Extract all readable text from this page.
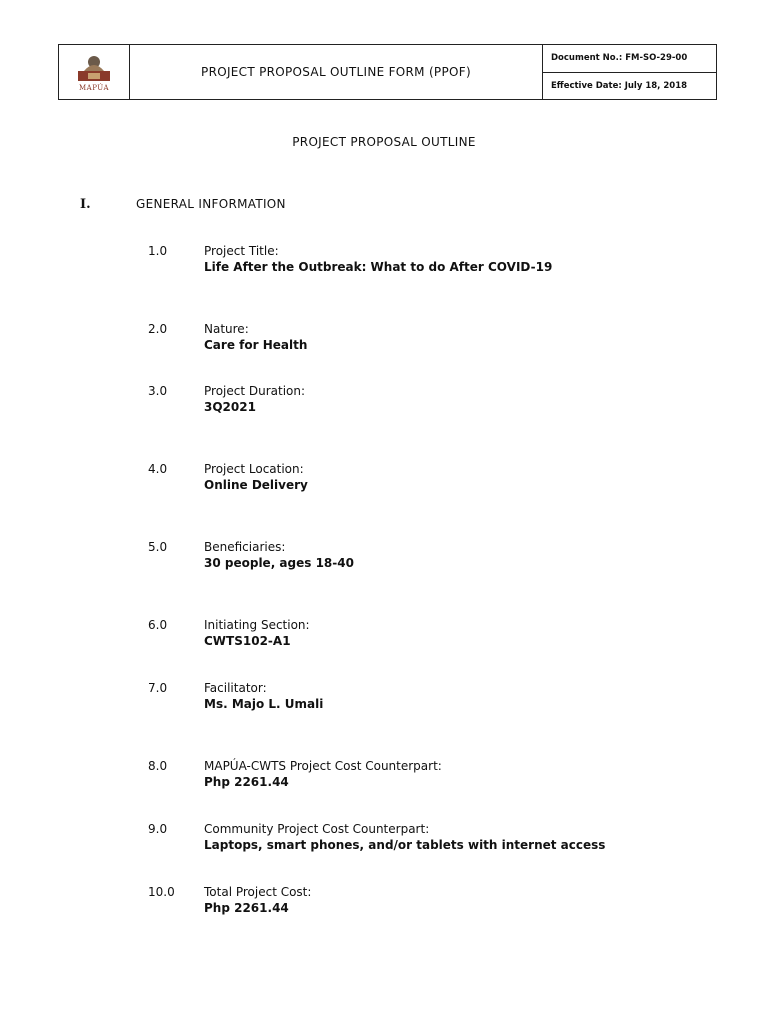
MAPÚA
PROJECT PROPOSAL OUTLINE FORM (PPOF)
Document No.: FM-SO-29-00
Effective Date: July 18, 2018
PROJECT PROPOSAL OUTLINE
I.	GENERAL INFORMATION
1.0	Project Title:
Life After the Outbreak: What to do After COVID-19
2.0	Nature:
Care for Health
3.0	Project Duration:
3Q2021
4.0	Project Location:
Online Delivery
5.0	Beneficiaries:
30 people, ages 18-40
6.0	Initiating Section:
CWTS102-A1
7.0	Facilitator:
Ms. Majo L. Umali
8.0	MAPÚA-CWTS Project Cost Counterpart:
Php 2261.44
9.0	Community Project Cost Counterpart:
Laptops, smart phones, and/or tablets with internet access
10.0 Total Project Cost:
Php 2261.44
